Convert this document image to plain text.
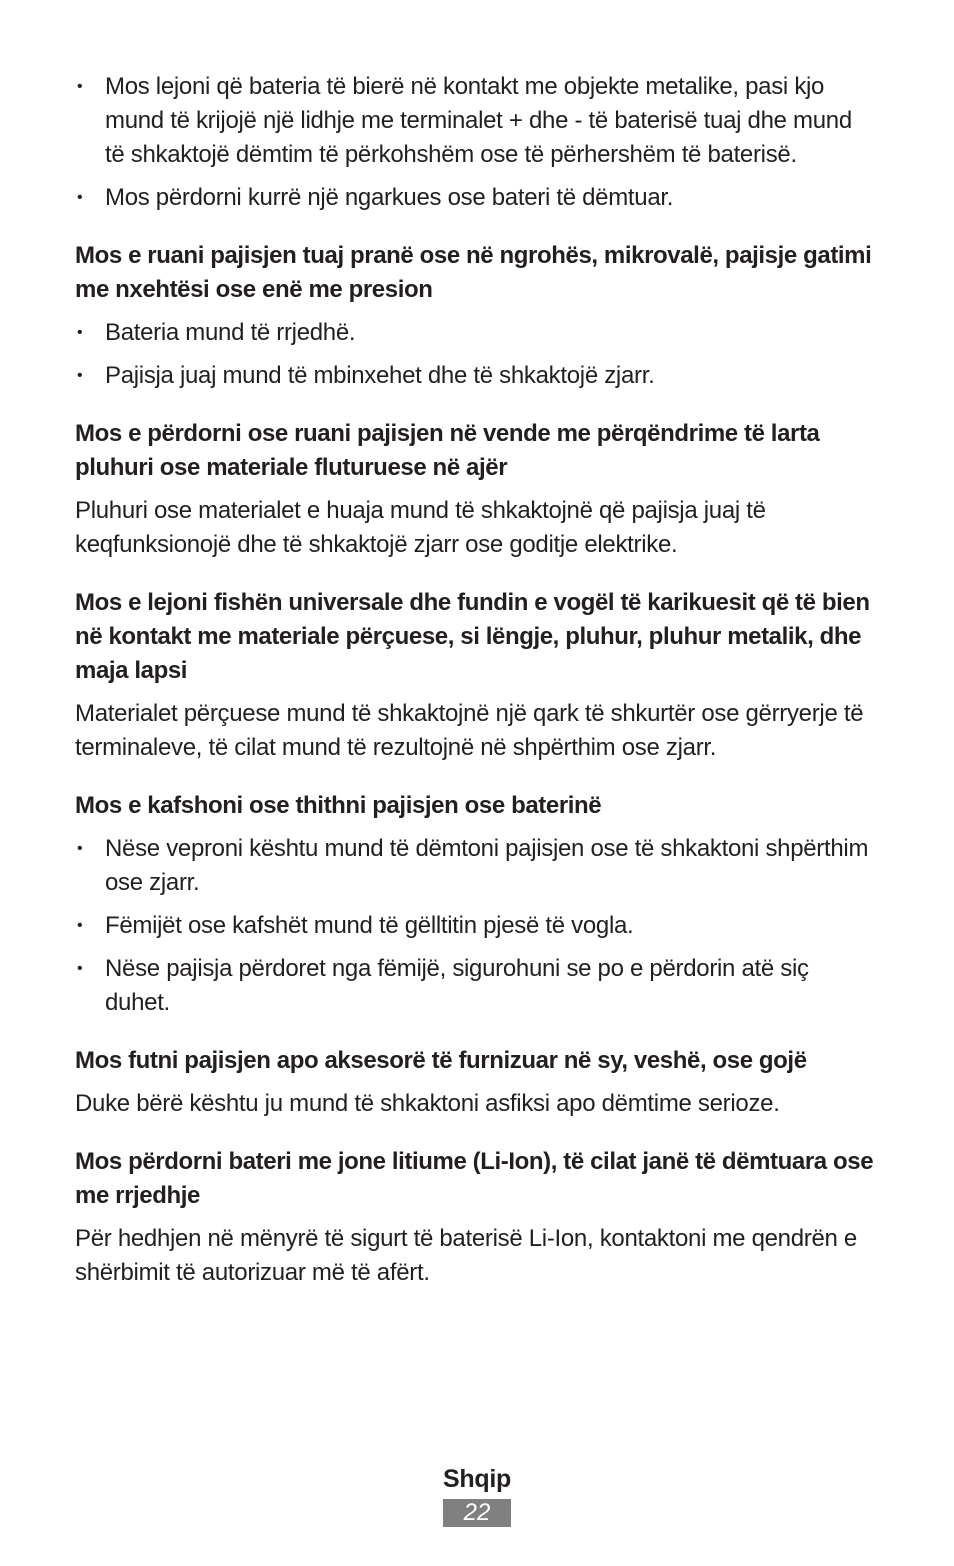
• Mos lejoni që bateria të bierë në kontakt me objekte metalike, pasi kjo mund të krijojë një lidhje me terminalet + dhe - të baterisë tuaj dhe mund të shkaktojë dëmtim të përkohshëm ose të përhershëm të baterisë.
• Mos përdorni kurrë një ngarkues ose bateri të dëmtuar.

Mos e ruani pajisjen tuaj pranë ose në ngrohës, mikrovalë, pajisje gatimi me nxehtësi ose enë me presion

• Bateria mund të rrjedhë.
• Pajisja juaj mund të mbinxehet dhe të shkaktojë zjarr.

Mos e përdorni ose ruani pajisjen në vende me përqëndrime të larta pluhuri ose materiale fluturuese në ajër

Pluhuri ose materialet e huaja mund të shkaktojnë që pajisja juaj të keqfunksionojë dhe të shkaktojë zjarr ose goditje elektrike.

Mos e lejoni fishën universale dhe fundin e vogël të karikuesit që të bien në kontakt me materiale përçuese, si lëngje, pluhur, pluhur metalik, dhe maja lapsi

Materialet përçuese mund të shkaktojnë një qark të shkurtër ose gërryerje të terminaleve, të cilat mund të rezultojnë në shpërthim ose zjarr.

Mos e kafshoni ose thithni pajisjen ose baterinë

• Nëse veproni kështu mund të dëmtoni pajisjen ose të shkaktoni shpërthim ose zjarr.
• Fëmijët ose kafshët mund të gëlltitin pjesë të vogla.
• Nëse pajisja përdoret nga fëmijë, sigurohuni se po e përdorin atë siç duhet.

Mos futni pajisjen apo aksesorë të furnizuar në sy, veshë, ose gojë

Duke bërë kështu ju mund të shkaktoni asfiksi apo dëmtime serioze.

Mos përdorni bateri me jone litiume (Li-Ion), të cilat janë të dëmtuara ose me rrjedhje

Për hedhjen në mënyrë të sigurt të baterisë Li-Ion, kontaktoni me qendrën e shërbimit të autorizuar më të afërt.

Shqip
22
